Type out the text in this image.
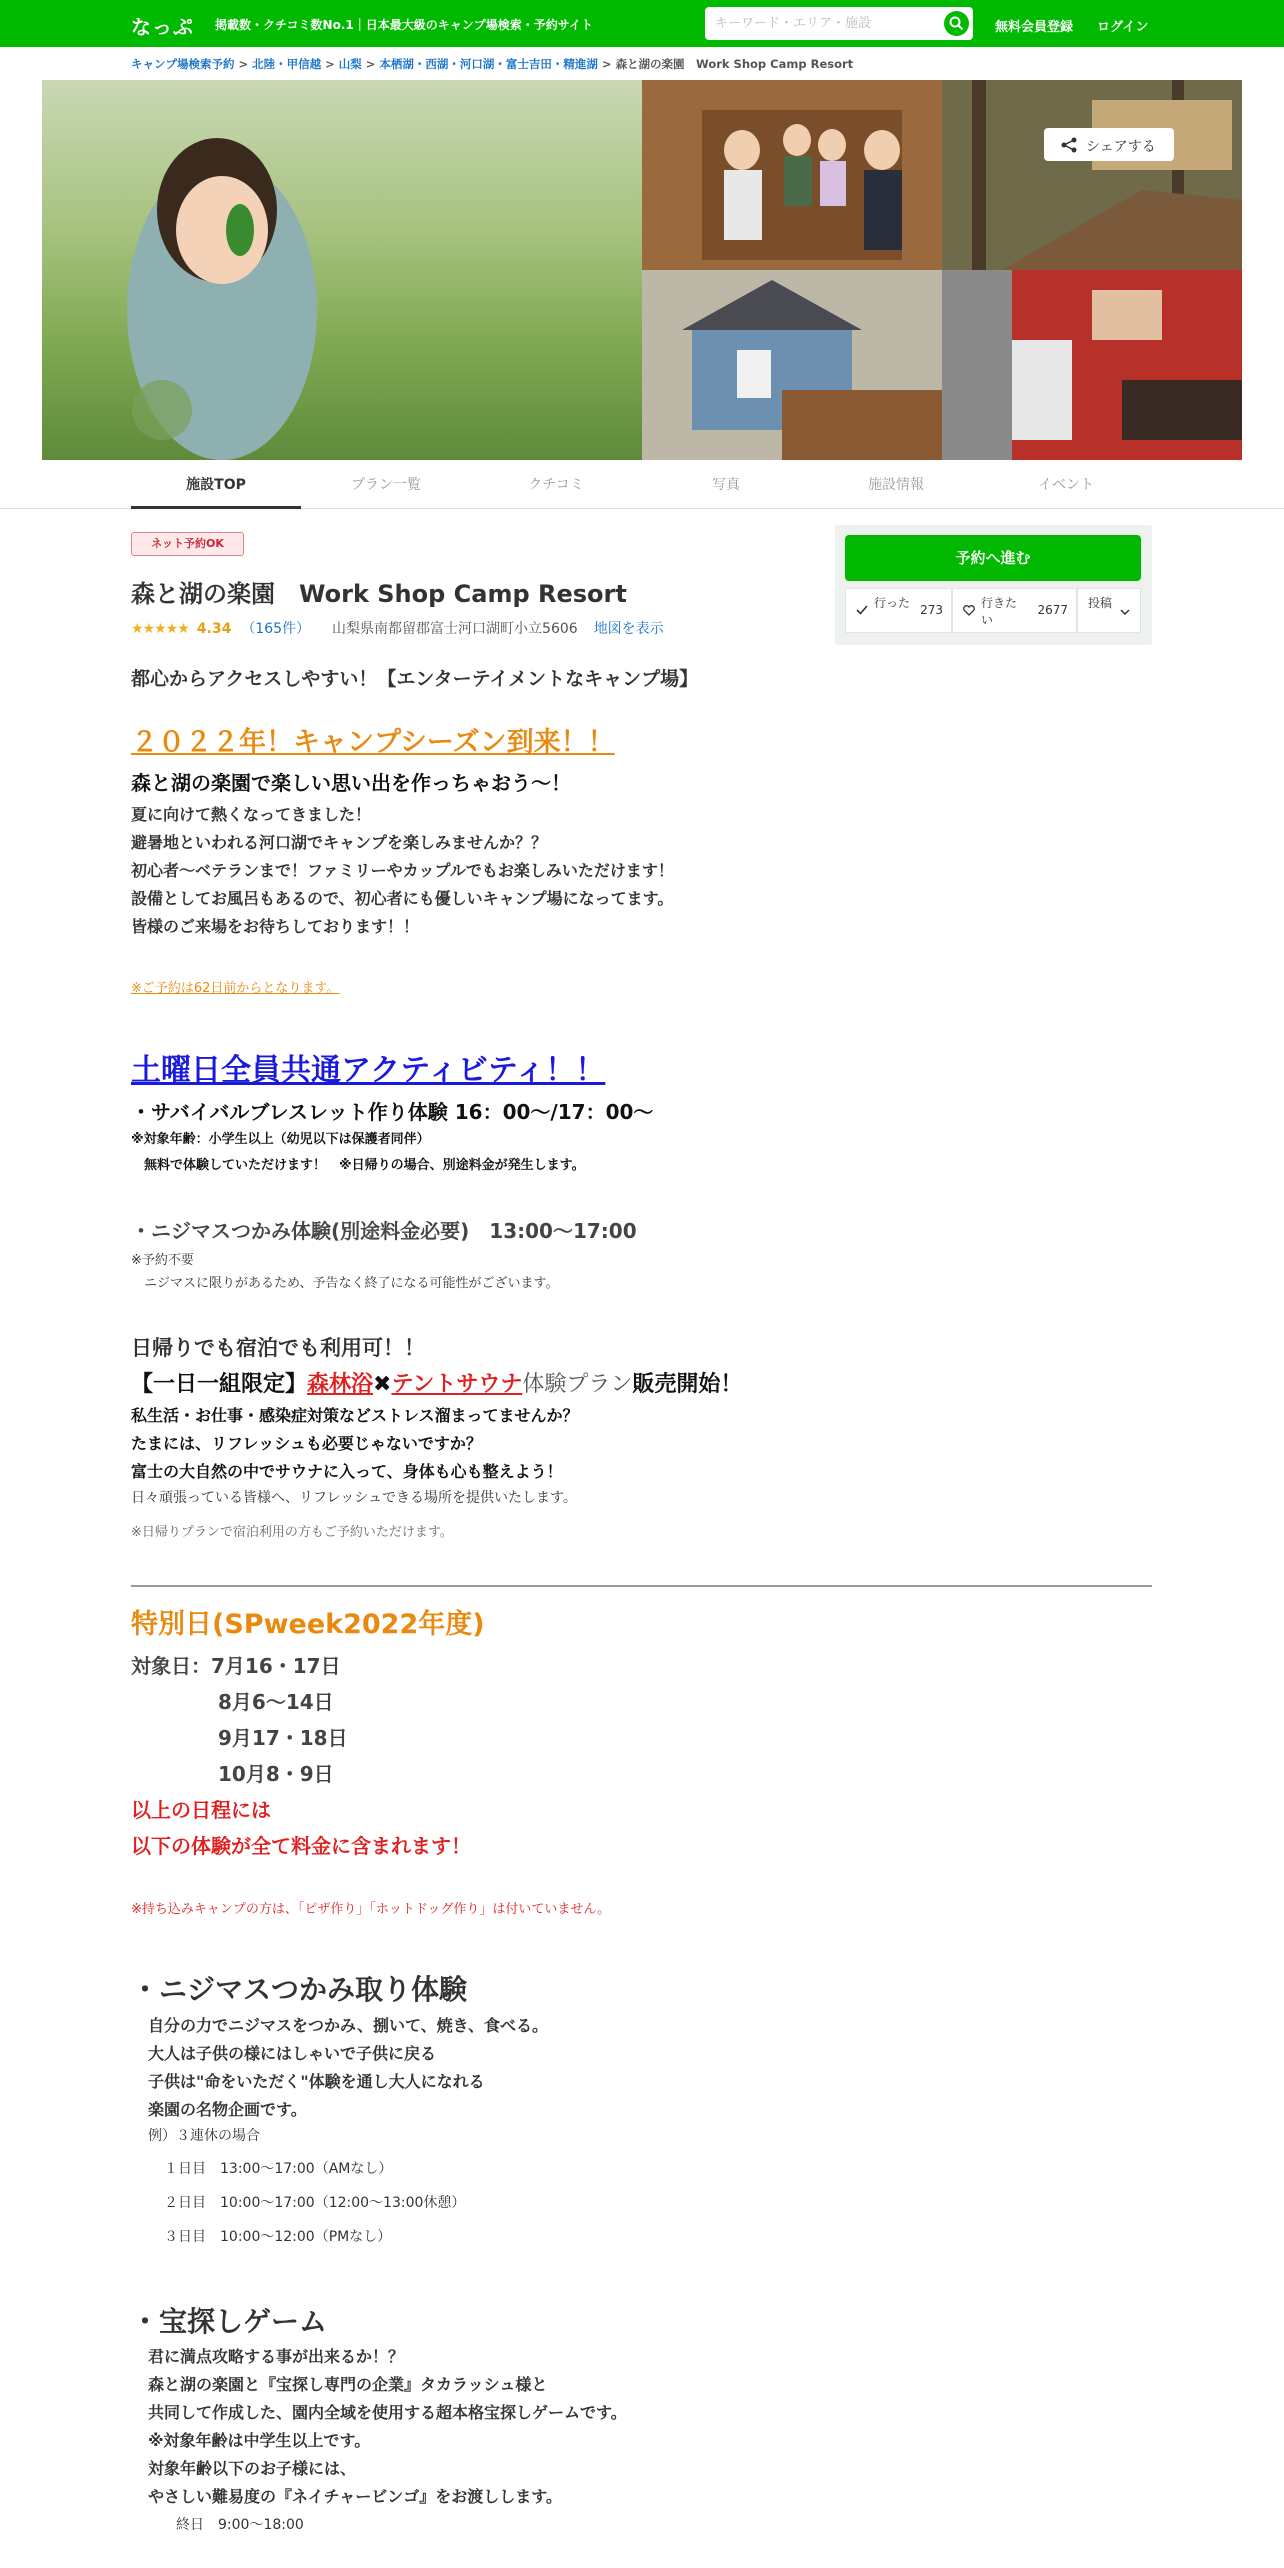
なっぷ 掲載数・クチコミ数No.1｜日本最大級のキャンプ場検索・予約サイト
キーワード・エリア・施設	無料会員登録 ログイン
キャンプ場検索予約 > 北陸・甲信越 > 山梨 > 本栖湖・西湖・河口湖・富士吉田・精進湖 > 森と湖の楽園　Work Shop Camp Resort
シェアする
施設TOP	プラン一覧	クチコミ	写真	施設情報	イベント
ネット予約OK
森と湖の楽園　Work Shop Camp Resort
★★★★★ 4.34 （165件） 山梨県南都留郡富士河口湖町小立5606 地図を表示
予約へ進む
行った 273	行きたい
2677 投稿
都心からアクセスしやすい！【エンターテイメントなキャンプ場】
２０２２年！キャンプシーズン到来！！
森と湖の楽園で楽しい思い出を作っちゃおう～！
夏に向けて熱くなってきました！
避暑地といわれる河口湖でキャンプを楽しみませんか？？
初心者～ベテランまで！ファミリーやカップルでもお楽しみいただけます！
設備としてお風呂もあるので、初心者にも優しいキャンプ場になってます。
皆様のご来場をお待ちしております！！
※ご予約は62日前からとなります。
土曜日全員共通アクティビティ！！
・サバイバルブレスレット作り体験 16：00～/17：00～
※対象年齢：小学生以上（幼児以下は保護者同伴）
　無料で体験していただけます！　※日帰りの場合、別途料金が発生します。
・ニジマスつかみ体験(別途料金必要)　13:00～17:00
※予約不要
　ニジマスに限りがあるため、予告なく終了になる可能性がございます。
日帰りでも宿泊でも利用可！！
【一日一組限定】森林浴✖テントサウナ体験プラン販売開始！
私生活・お仕事・感染症対策などストレス溜まってませんか？
たまには、リフレッシュも必要じゃないですか？
富士の大自然の中でサウナに入って、身体も心も整えよう！
日々頑張っている皆様へ、リフレッシュできる場所を提供いたします。
※日帰りプランで宿泊利用の方もご予約いただけます。
特別日(SPweek2022年度)
対象日：7月16・17日
8月6～14日
9月17・18日
10月8・9日
以上の日程には
以下の体験が全て料金に含まれます！
※持ち込みキャンプの方は、「ピザ作り」「ホットドッグ作り」は付いていません。
・ニジマスつかみ取り体験
自分の力でニジマスをつかみ、捌いて、焼き、食べる。
大人は子供の様にはしゃいで子供に戻る
子供は"命をいただく"体験を通し大人になれる
楽園の名物企画です。
例）３連休の場合
１日目　13:00～17:00（AMなし）
２日目　10:00～17:00（12:00～13:00休憩）
３日目　10:00～12:00（PMなし）
・宝探しゲーム
君に満点攻略する事が出来るか！？
森と湖の楽園と『宝探し専門の企業』タカラッシュ様と
共同して作成した、園内全域を使用する超本格宝探しゲームです。
※対象年齢は中学生以上です。
対象年齢以下のお子様には、
やさしい難易度の『ネイチャービンゴ』をお渡しします。
終日　9:00～18:00
